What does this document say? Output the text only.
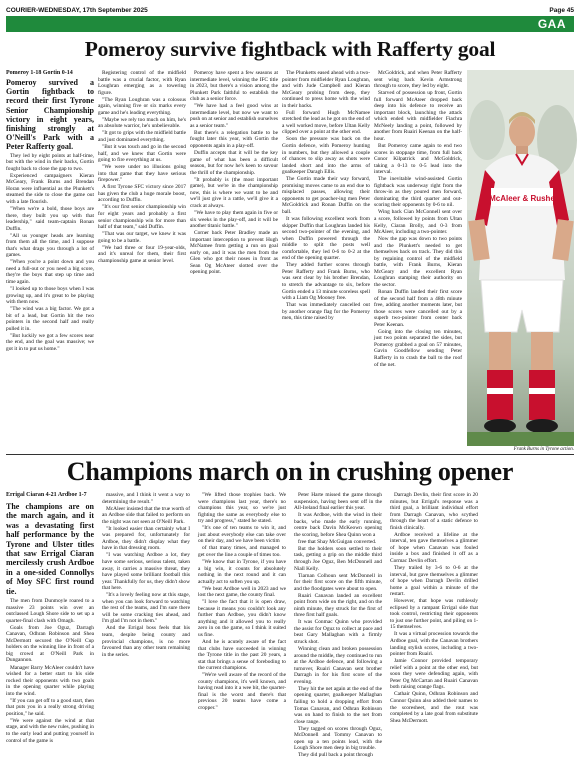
COURIER-WEDNESDAY, 17th September 2025	Page 45
GAA
Pomeroy survive fightback with Rafferty goal
Pomeroy 1-18 Gortin 0-14
Pomeroy survived a Gortin fightback to record their first Tyrone Senior Championship victory in eight years, finishing strongly at O'Neill's Park with a Peter Rafferty goal.

They led by eight points at half-time, but with the wind in their backs, Gortin fought back to close the gap to two.

Experienced campaigners Kieran McGeary, Frank Burns and Brendan Horan were influential as the Plunkett's steamed the side to close the game out with a late flourish.

"When we're a bold, those boys are there, they built you up with that leadership," said team-captain Ronan Duffin.

"All us younger heads are learning from them all the time, and I suppose that's what drags you through a lot of games.

"When you're a point down and you need a full-out or you need a big score, they're the boys that step up time and time again.

"I looked up to those boys when I was growing up, and it's great to be playing with them now.

"The wind was a big factor. We got a bit of a lead, but Gortin hit the two pointers in the second half and really pulled it in.

"But luckily we got a few scores near the end, and the goal was massive; we got it in to put us home."

Registering control of the midfield battle was a crucial factor, with Ryan Loughran emerging as a towering figure.

"The Ryan Loughran was a colossus again, winning five or six marks every game and he's leading everything.

"Maybe we rely too much on him, he's an absolute warrior, he's unbelievable.

"It got to grips with the midfield battle and just dominated everything.

"But it was touch and go in the second half, and we knew that Gortin were going to fire everything at us.

"We were under no illusions going into that game that they have serious firepower."

A first Tyrone SFC victory since 2017 has given the club a huge morale boost, according to Duffin.

"It's our first senior championship win for eight years and probably a first senior championship win for more than half of that team," said Duffin.

"That was our target, we knew it was going to be a battle.

"We had three or four 19-year-olds, and it's unreal for them, their first championship game at senior level.

Pomeroy have spent a few seasons at intermediate level, winning the IFC title in 2023, but there's a vision among the Plunkett Park faithful to establish the club as a senior force.

"We have had a feel good wins at intermediate level, but now we want to push on at senior and establish ourselves as a senior team."

But there's a relegation battle to be fought later this year, with Gortin the opponents again in a play-off.

Duffin accepts that it will be the key game of what has been a difficult season, but for now he's keen to savour the thrill of the championship.

"It probably is (the most important game), but we're in the championship now, this is where we want to be and we'll just give it a rattle, we'll give it a crack at always.

"We have to play them again in five or six weeks in the play-off, and it will be another titanic battle."

Corner back Peter Bradley made an important interception to prevent Hugh McNamee from getting a run on goal early on, and it was the men from the Glen who got their noses in front as Sean Og McAteer slotted over the opening point.

The Plunketts eased ahead with a two-pointer from midfielder Ryan Loughran, and with Jude Campbell and Kieran McGeary probing from deep, they continued to press home with the wind in their backs.

Full forward Hugh McNamee stretched the lead as he got on the end of a well worked move, before Ultan Kelly clipped over a point at the other end.

Soon the pressure was back on the Gortin defence, with Pomeroy hunting in numbers, but they allowed a couple of chances to slip away as shots were landed short and into the arms of goalkeeper Daragh Ellis.

The Gortin made their way forward, promising moves came to an end due to misplaced passes, allowing their opponents to get poacher-ing men Peter McGoldrick and Ronan Duffin on the ball.

It was following excellent work from skipper Duffin that Loughran landed his second two-pointer of the evening, and when Duffin powered through the middle to split the posts well comfortable, they led 0-6 to 0-2 at the end of the opening quarter.

They added further scores through Peter Rafferty and Frank Burns, who was sent clear by his brother Brendan, to stretch the advantage to six, before Gortin ended a 13 minute scoreless spell with a Liam Og Mooney free.

That was immediately cancelled out by another orange flag for the Pomeroy men, this time raised by

McGoldrick, and when Peter Rafferty sent wing back Kevin Armstrong through to score, they led by eight.

Starved of possession up front, Gortin full forward McAteer dropped back deep into his defence to receive an important block, launching the attack which ended with midfielder Fiachra McNeely landing a point, followed by another from Ruairi Keenan on the half-hour.

But Pomeroy came again to end two scores in stoppage time, from full back Conor Kilpatrick and McGoldrick, taking a 0-13 to 0-5 lead into the interval.

The inevitable wind-assisted Gortin fightback was underway right from the throw-in as they poured men forward, dominating the third quarter and out-scoring their opponents by 0-6 to nil.

Wing back Cian McConnell sent over a score, followed by points from Ultan Kelly, Ciaran Brolly, and 0-3 from McAleer, including a two-pointer.

Now the gap was down to two points and the Plunkett's needed to get themselves back on track. They did this by regaining control of the midfield battle, with Frank Burns, Kieran McGeary and the excellent Ryan Loughran stamping their authority on the sector.

Ronan Duffin landed their first score of the second half from a 48th minute free, adding another moments later, but those scores were cancelled out by a superb two-pointer from center back Peter Keenan.

Going into the closing ten minutes, just two points separated the sides, but Pomeroy grabbed a goal on 57 minutes, Gavin Goodfellow sending Peter Rafferty in to crash the ball to the roof of the net.

McAleer & Rushe
Frank Burns in Tyrone action.
Champions march on in crushing opener
Errigal Ciaran 4-21 Ardboe 1-7
The champions are on the march again, and it was a devastating first half performance by the Tyrone and Ulster titles that saw Errigal Ciaran mercilessly crush Ardboe in a one-sided Connollys of Moy SFC first round tie.

The men from Dunmoyle roared to a massive 23 points win over an outclassed Lough Shore side to set up a quarter-final clash with Omagh.

Goals from Joe Oguz, Darragh Canavan, Odhran Robinson and Shea McDermott secured the O'Neill Cup holders on the winning line in front of a big crowd at O'Neill Park in Dungannon.

Manager Barry McAleer couldn't have wished for a better start to his side rocked their opponents with two goals in the opening quarter while playing into the wind.

"If you can get off to a good start, then that puts you in a really strong driving position," he said.

"We were against the wind at that stage, and with the new rules, pushing in to the early lead and putting yourself in control of the game is

massive, and I think it went a way to determining the result."

McAleer insisted that the true worth of an Ardboe side that failed to perform on the night was not seen at O'Neill Park.

"It looked easier than certainly what I was prepared for, unfortunately for Ardboe, they didn't display what they have in that dressing room.

"I was watching Ardboe a lot, they have some serious, serious talent, taken away, it carries a massive threat, they have played some brilliant football this year. Thankfully for us, they didn't show that here.

"It's a lovely feeling now at this stage, when you can look forward to watching the rest of the teams, and I'm sure there will be some cracking ties ahead, and I'm glad I'm not in them."

And the Errigal boss feels that his team, despite being county and provincial champions, is no more favoured than any other team remaining in the series.

"We lifted those trophies back. We were champions last year, there's no champions this year, so we're just fighting the same as everybody else to try and progress," stated he stated.

"It's one of ten teams to win it, and just about everybody else can take over on their day, and we have been victim

of that many times, and managed to get over the line a couple of times too.

"We know that in Tyrone, if you have a big win, it counts for absolutely nothing in the next round and it can actually act to soften you up.

"We beat Ardboe well in 2023 and we lost the next game, the county final.

"I love the fact that it is open draw, because it means you couldn't look any further than Ardboe, you didn't know anything and it allowed you to really zero in on the game, so I think it suited us fine.

And he is acutely aware of the fact that clubs have succeeded in winning the Tyrone title in the past 20 years, a stat that brings a sense of foreboding to the current champions.

"We're well aware of the record of the county champions, it's well known, and having read into it a wee bit, the quarter-final is the worst and there's that previous 20 teams have come a cropper."

Peter Harte missed the game through suspension, having been sent off in the All-Ireland final earlier this year.

It was Ardboe, with the wind in their backs, who made the early running, centre back Davin McKeown opening the scoring, before Shea Quinn won a

free that Shay McGuigan converted.

But the holders soon settled to their task, getting a grip on the middle third through Joe Oguz, Ben McDonnell and Niall Kelly.

Tiarnan Colhoun sent McDonnell in for their first score on the fifth minute, and the floodgates were about to open.

Ruairi Canavan landed an excellent point from wide on the right, and on the ninth minute, they struck for the first of three first half goals.

It was Conmac Quinn who provided the assist for Oguz to collect at pace and beat Gary Mallaghan with a firmly struck shot.

Winning clean and broken possession around the middle, they continued to run at the Ardboe defence, and following a turnover, Ruairi Canavan sent brother Darragh in for his first score of the evening.

They hit the net again at the end of the opening quarter, goalkeeper Mallaghan failing to hold a dropping effort from Tomas Canavan, and Odhran Robinson was on hand to finish to the net from close range.

They tagged on scores through Oguz, McDonnell and Tommy Canavan to open up a ten points lead, with the Lough Shore men deep in big trouble.

They did pull back a point through

Darragh Devlin, their first score in 20 minutes, but Errigal's response was a third goal, a brilliant individual effort from Darragh Canavan, who scythed through the heart of a static defence to finish clinically.

Ardboe received a lifeline at the interval, ten gave themselves a glimmer of hope when Canavan was fouled inside a box and finished it off as a Cormac Devlin effort.

They trailed by 3-6 to 0-6 at the interval, but gave themselves a glimmer of hope when Darragh Devlin drilled home a goal within a minute of the restart.

However, that hope was ruthlessly eclipsed by a rampant Errigal side that took control, restricting their opponents to just one further point, and piling on 1-15 themselves.

It was a virtual procession towards the Ardboe goal, with the Canavan brothers landing stylish scores, including a two-pointer from Ruairi.

Jamie Connor provided temporary relief with a point at the other end, but soon they were defending again, with Peter Og McCartan and Ruairi Canavan both raising orange flags.

Cathair Quinn, Odhran Robinson and Connor Quinn also added their names to the scoresheet, and the rout was completed by a late goal from substitute Shea McDermott.
